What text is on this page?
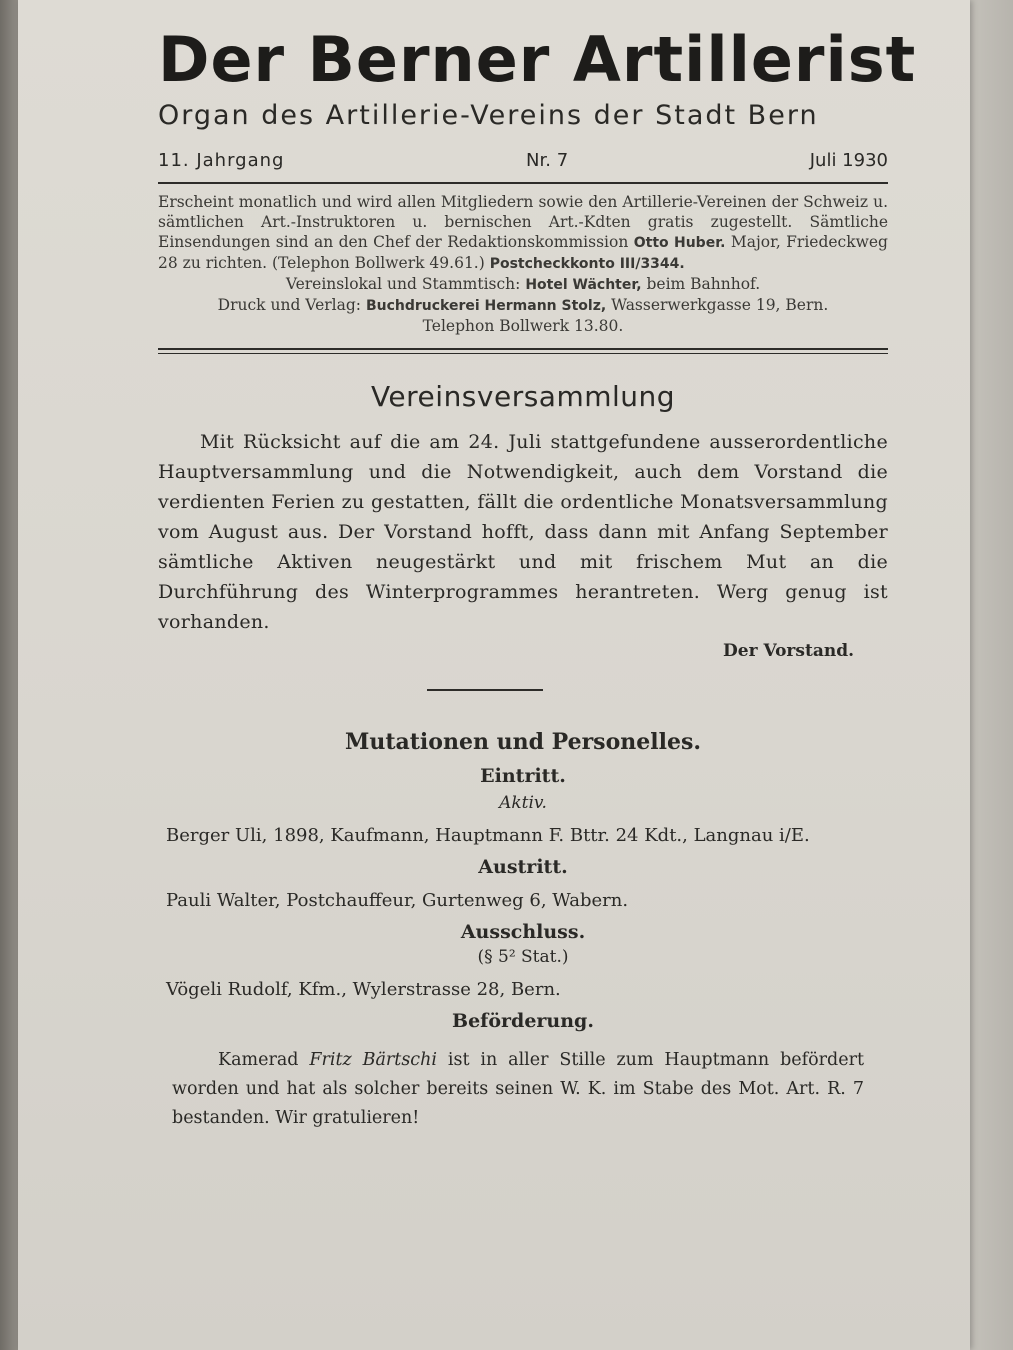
Der Berner Artillerist
Organ des Artillerie-Vereins der Stadt Bern
11. Jahrgang	Nr. 7	Juli 1930
Erscheint monatlich und wird allen Mitgliedern sowie den Artillerie-Vereinen der Schweiz u. sämtlichen Art.-Instruktoren u. bernischen Art.-Kdten gratis zugestellt. Sämtliche Einsendungen sind an den Chef der Redaktionskommission Otto Huber. Major, Friedeckweg 28 zu richten. (Telephon Bollwerk 49.61.) Postcheckkonto III/3344.
Vereinslokal und Stammtisch: Hotel Wächter, beim Bahnhof.
Druck und Verlag: Buchdruckerei Hermann Stolz, Wasserwerkgasse 19, Bern.
Telephon Bollwerk 13.80.
Vereinsversammlung

Mit Rücksicht auf die am 24. Juli stattgefundene ausserordentliche Hauptversammlung und die Notwendigkeit, auch dem Vorstand die verdienten Ferien zu gestatten, fällt die ordentliche Monatsversammlung vom August aus. Der Vorstand hofft, dass dann mit Anfang September sämtliche Aktiven neugestärkt und mit frischem Mut an die Durchführung des Winterprogrammes herantreten. Werg genug ist vorhanden.

Der Vorstand.
Mutationen und Personelles.
Eintritt.
Aktiv.
Berger Uli, 1898, Kaufmann, Hauptmann F. Bttr. 24 Kdt., Langnau i/E.
Austritt.
Pauli Walter, Postchauffeur, Gurtenweg 6, Wabern.
Ausschluss.
(§ 5² Stat.)
Vögeli Rudolf, Kfm., Wylerstrasse 28, Bern.
Beförderung.
Kamerad Fritz Bärtschi ist in aller Stille zum Hauptmann befördert worden und hat als solcher bereits seinen W. K. im Stabe des Mot. Art. R. 7 bestanden. Wir gratulieren!
